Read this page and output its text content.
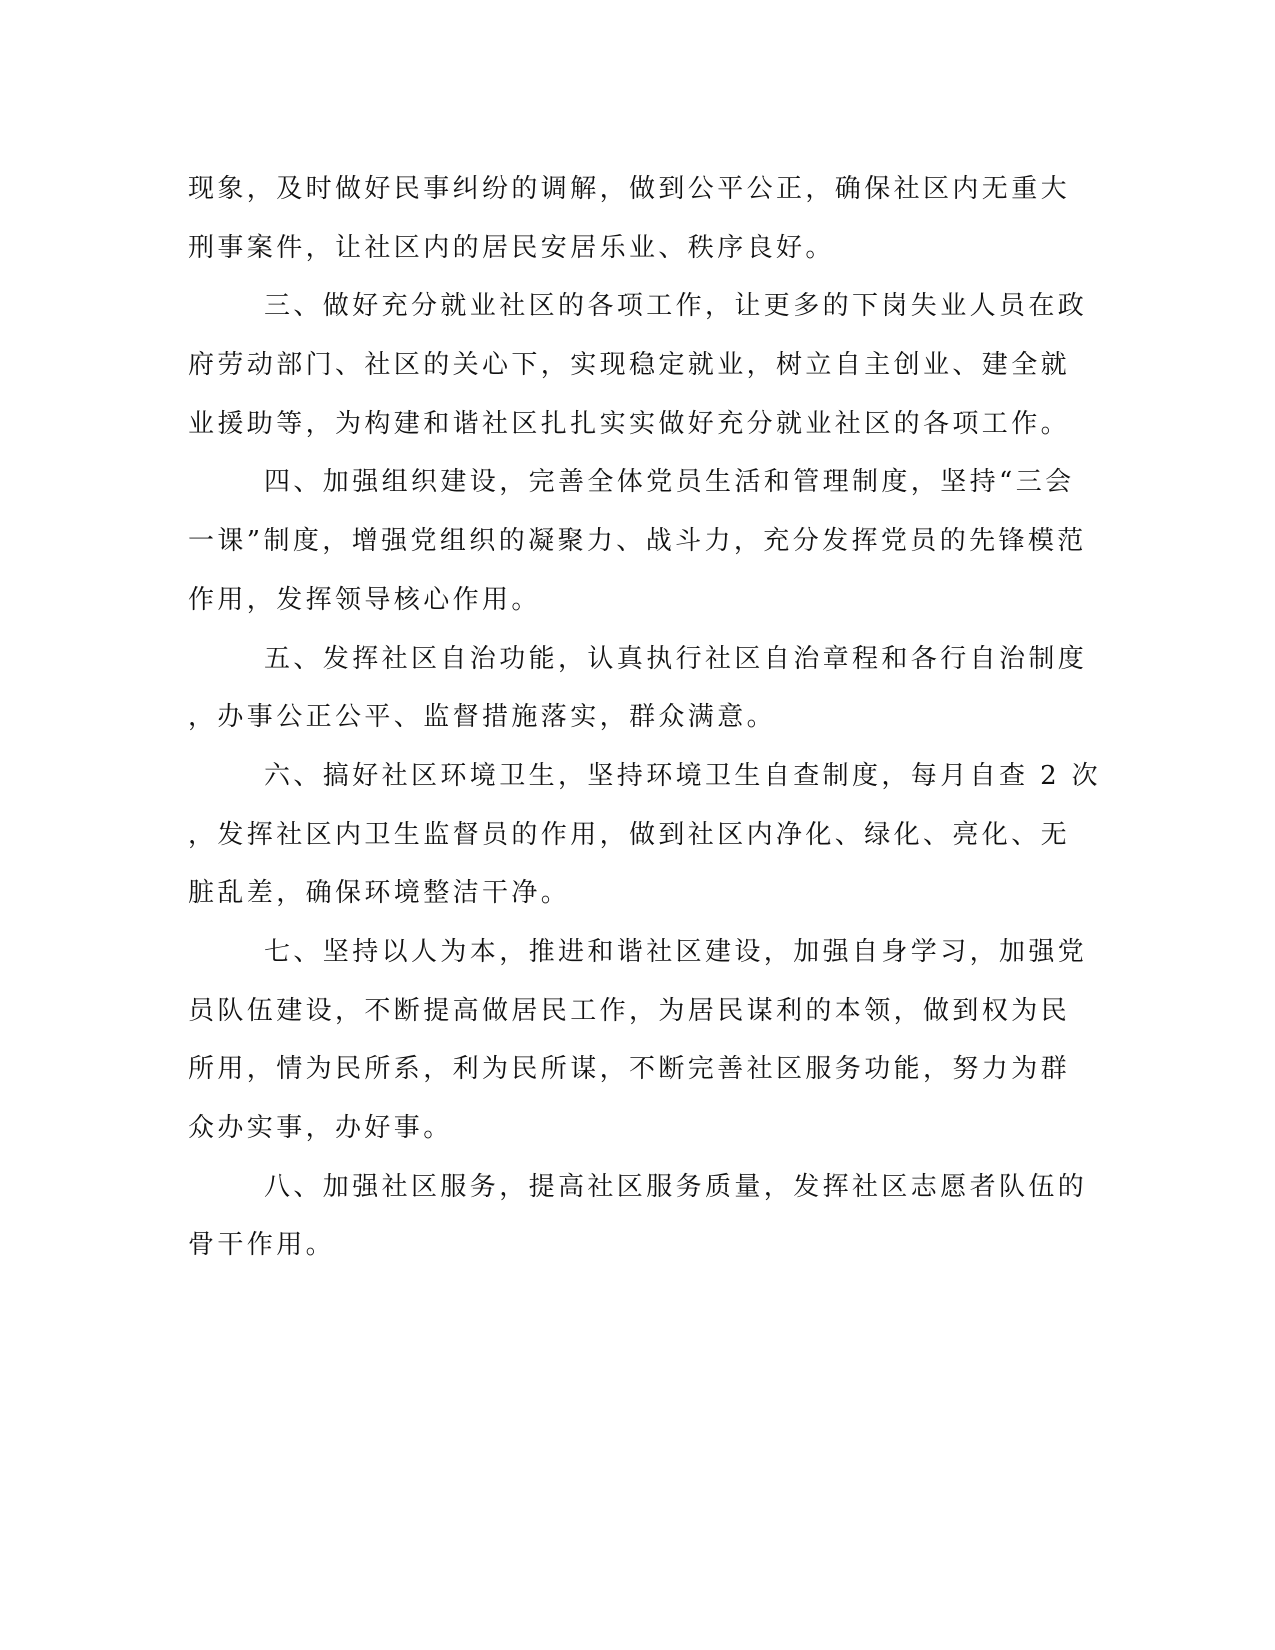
现象，及时做好民事纠纷的调解，做到公平公正，确保社区内无重大
刑事案件，让社区内的居民安居乐业、秩序良好。
三、做好充分就业社区的各项工作，让更多的下岗失业人员在政
府劳动部门、社区的关心下，实现稳定就业，树立自主创业、建全就
业援助等，为构建和谐社区扎扎实实做好充分就业社区的各项工作。
四、加强组织建设，完善全体党员生活和管理制度，坚持“三会
一课”制度，增强党组织的凝聚力、战斗力，充分发挥党员的先锋模范
作用，发挥领导核心作用。
五、发挥社区自治功能，认真执行社区自治章程和各行自治制度
，办事公正公平、监督措施落实，群众满意。
六、搞好社区环境卫生，坚持环境卫生自查制度，每月自查 2 次
，发挥社区内卫生监督员的作用，做到社区内净化、绿化、亮化、无
脏乱差，确保环境整洁干净。
七、坚持以人为本，推进和谐社区建设，加强自身学习，加强党
员队伍建设，不断提高做居民工作，为居民谋利的本领，做到权为民
所用，情为民所系，利为民所谋，不断完善社区服务功能，努力为群
众办实事，办好事。
八、加强社区服务，提高社区服务质量，发挥社区志愿者队伍的
骨干作用。
